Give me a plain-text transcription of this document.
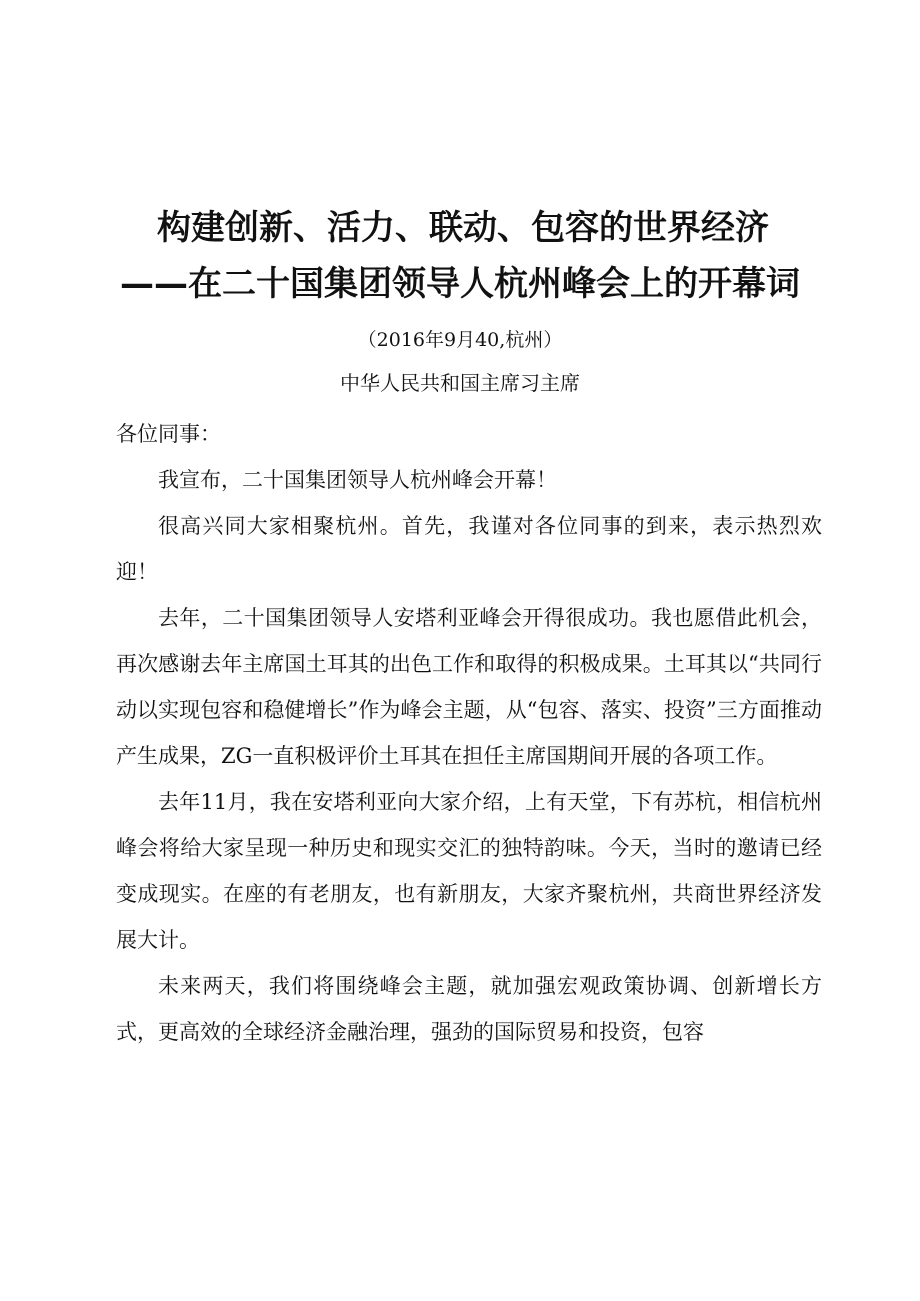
构建创新、活力、联动、包容的世界经济
——在二十国集团领导人杭州峰会上的开幕词
（2016年9月40,杭州）
中华人民共和国主席习主席

各位同事：

我宣布，二十国集团领导人杭州峰会开幕！

很高兴同大家相聚杭州。首先，我谨对各位同事的到来，表示热烈欢迎！

去年，二十国集团领导人安塔利亚峰会开得很成功。我也愿借此机会，再次感谢去年主席国土耳其的出色工作和取得的积极成果。土耳其以“共同行动以实现包容和稳健增长”作为峰会主题，从“包容、落实、投资”三方面推动产生成果，ZG一直积极评价土耳其在担任主席国期间开展的各项工作。

去年11月，我在安塔利亚向大家介绍，上有天堂，下有苏杭，相信杭州峰会将给大家呈现一种历史和现实交汇的独特韵味。今天，当时的邀请已经变成现实。在座的有老朋友，也有新朋友，大家齐聚杭州，共商世界经济发展大计。

未来两天，我们将围绕峰会主题，就加强宏观政策协调、创新增长方式，更高效的全球经济金融治理，强劲的国际贸易和投资，包容
